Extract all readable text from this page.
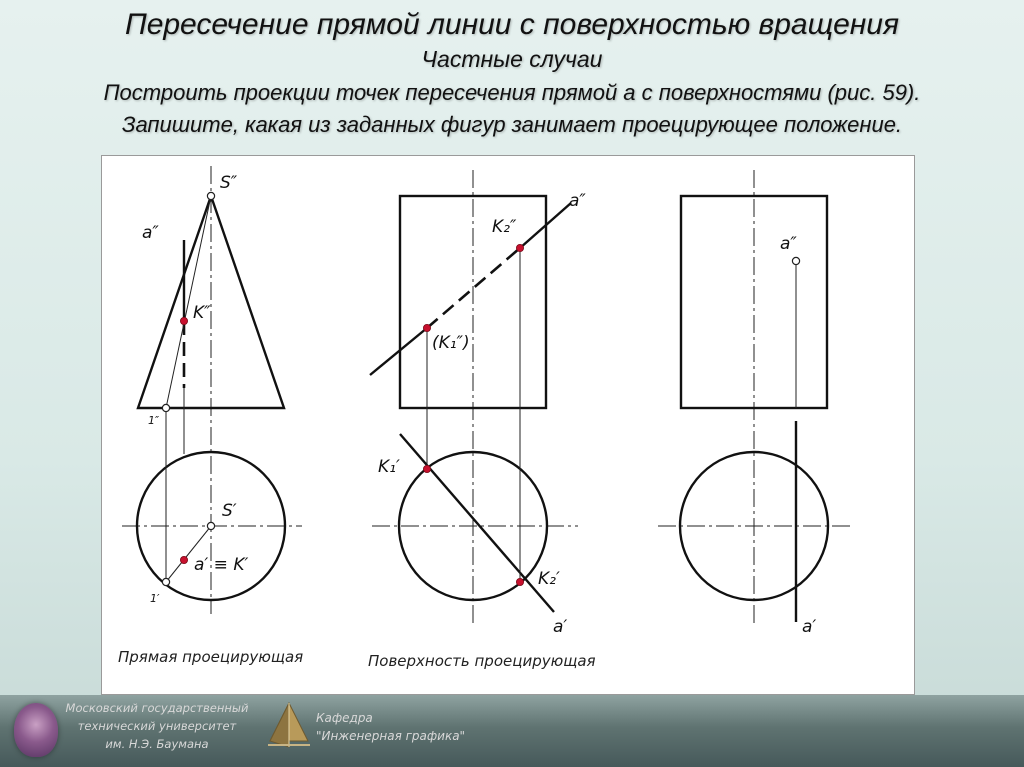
Пересечение прямой линии с поверхностью вращения
Частные случаи
Построить проекции точек пересечения прямой а с поверхностями (рис. 59).
Запишите, какая из заданных фигур занимает проецирующее положение.
S″
a″
K″
1″
S′
a′ ≡ K′
1′
Прямая проецирующая
a″
K₂″
(K₁″)
K₁′
K₂′
a′
Поверхность проецирующая
a″
a′
Московский государственный
технический университет
им. Н.Э. Баумана
Кафедра
"Инженерная графика"
